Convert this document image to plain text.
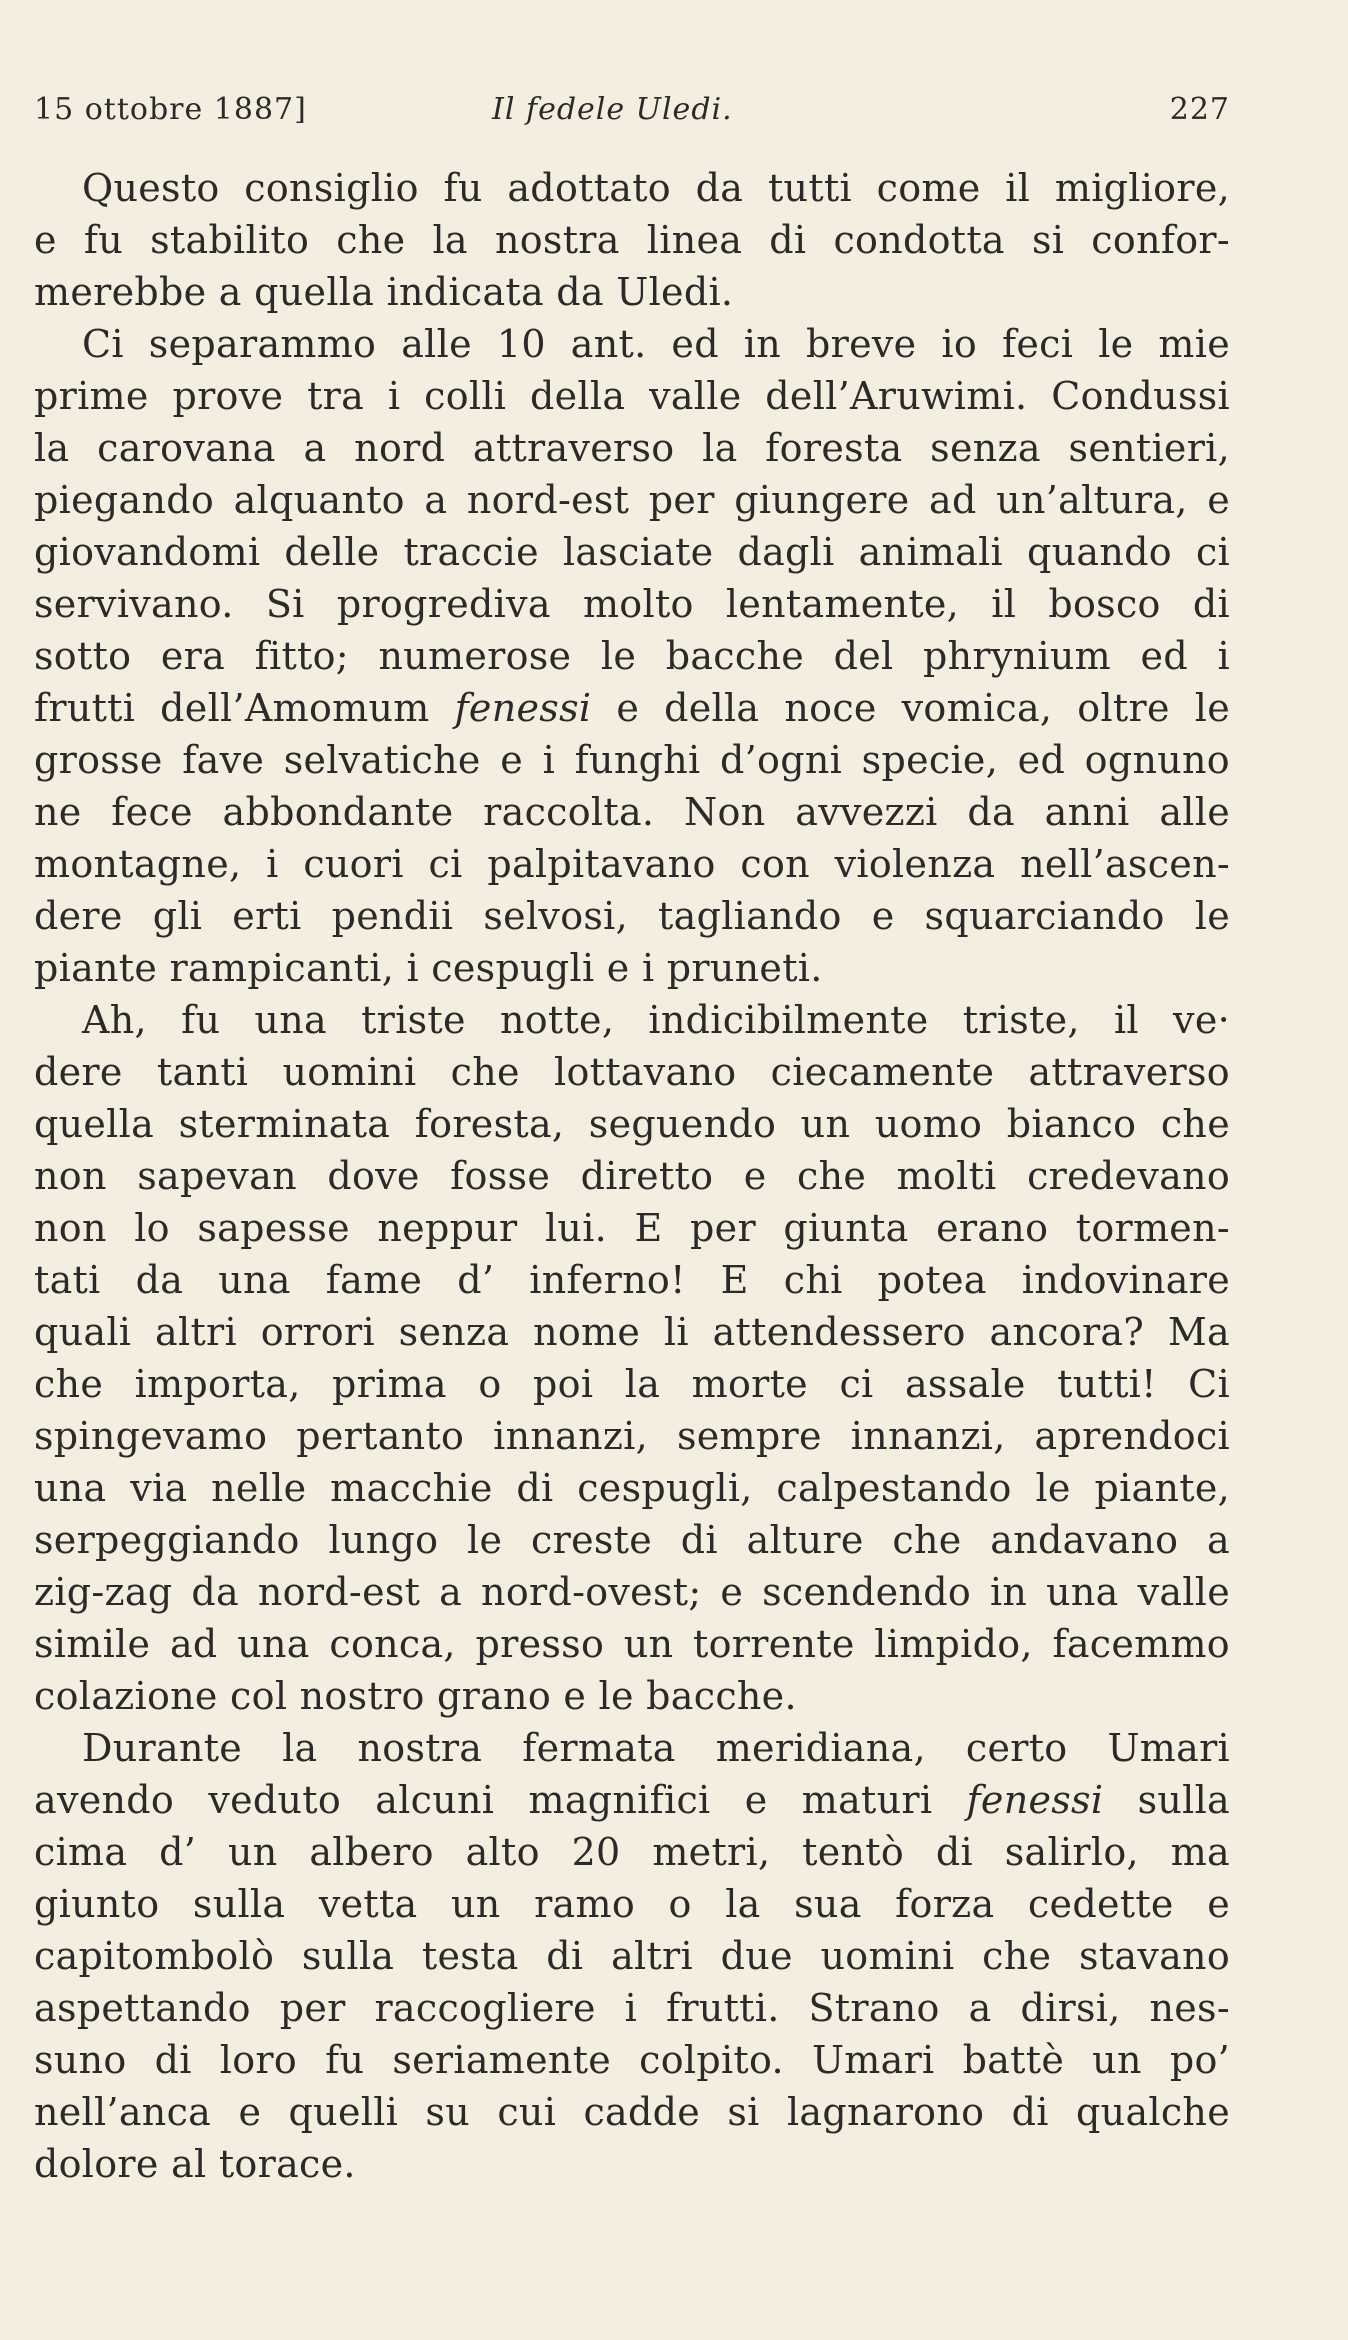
15 ottobre 1887]	Il fedele Uledi.	227
Questo consiglio fu adottato da tutti come il migliore,
e fu stabilito che la nostra linea di condotta si confor-
merebbe a quella indicata da Uledi.
Ci separammo alle 10 ant. ed in breve io feci le mie
prime prove tra i colli della valle dell’Aruwimi. Condussi
la carovana a nord attraverso la foresta senza sentieri,
piegando alquanto a nord-est per giungere ad un’altura, e
giovandomi delle traccie lasciate dagli animali quando ci
servivano. Si progrediva molto lentamente, il bosco di
sotto era fitto; numerose le bacche del phrynium ed i
frutti dell’Amomum fenessi e della noce vomica, oltre le
grosse fave selvatiche e i funghi d’ogni specie, ed ognuno
ne fece abbondante raccolta. Non avvezzi da anni alle
montagne, i cuori ci palpitavano con violenza nell’ascen-
dere gli erti pendii selvosi, tagliando e squarciando le
piante rampicanti, i cespugli e i pruneti.
Ah, fu una triste notte, indicibilmente triste, il ve·
dere tanti uomini che lottavano ciecamente attraverso
quella sterminata foresta, seguendo un uomo bianco che
non sapevan dove fosse diretto e che molti credevano
non lo sapesse neppur lui. E per giunta erano tormen-
tati da una fame d’ inferno! E chi potea indovinare
quali altri orrori senza nome li attendessero ancora? Ma
che importa, prima o poi la morte ci assale tutti! Ci
spingevamo pertanto innanzi, sempre innanzi, aprendoci
una via nelle macchie di cespugli, calpestando le piante,
serpeggiando lungo le creste di alture che andavano a
zig-zag da nord-est a nord-ovest; e scendendo in una valle
simile ad una conca, presso un torrente limpido, facemmo
colazione col nostro grano e le bacche.
Durante la nostra fermata meridiana, certo Umari
avendo veduto alcuni magnifici e maturi fenessi sulla
cima d’ un albero alto 20 metri, tentò di salirlo, ma
giunto sulla vetta un ramo o la sua forza cedette e
capitombolò sulla testa di altri due uomini che stavano
aspettando per raccogliere i frutti. Strano a dirsi, nes-
suno di loro fu seriamente colpito. Umari battè un po’
nell’anca e quelli su cui cadde si lagnarono di qualche
dolore al torace.
